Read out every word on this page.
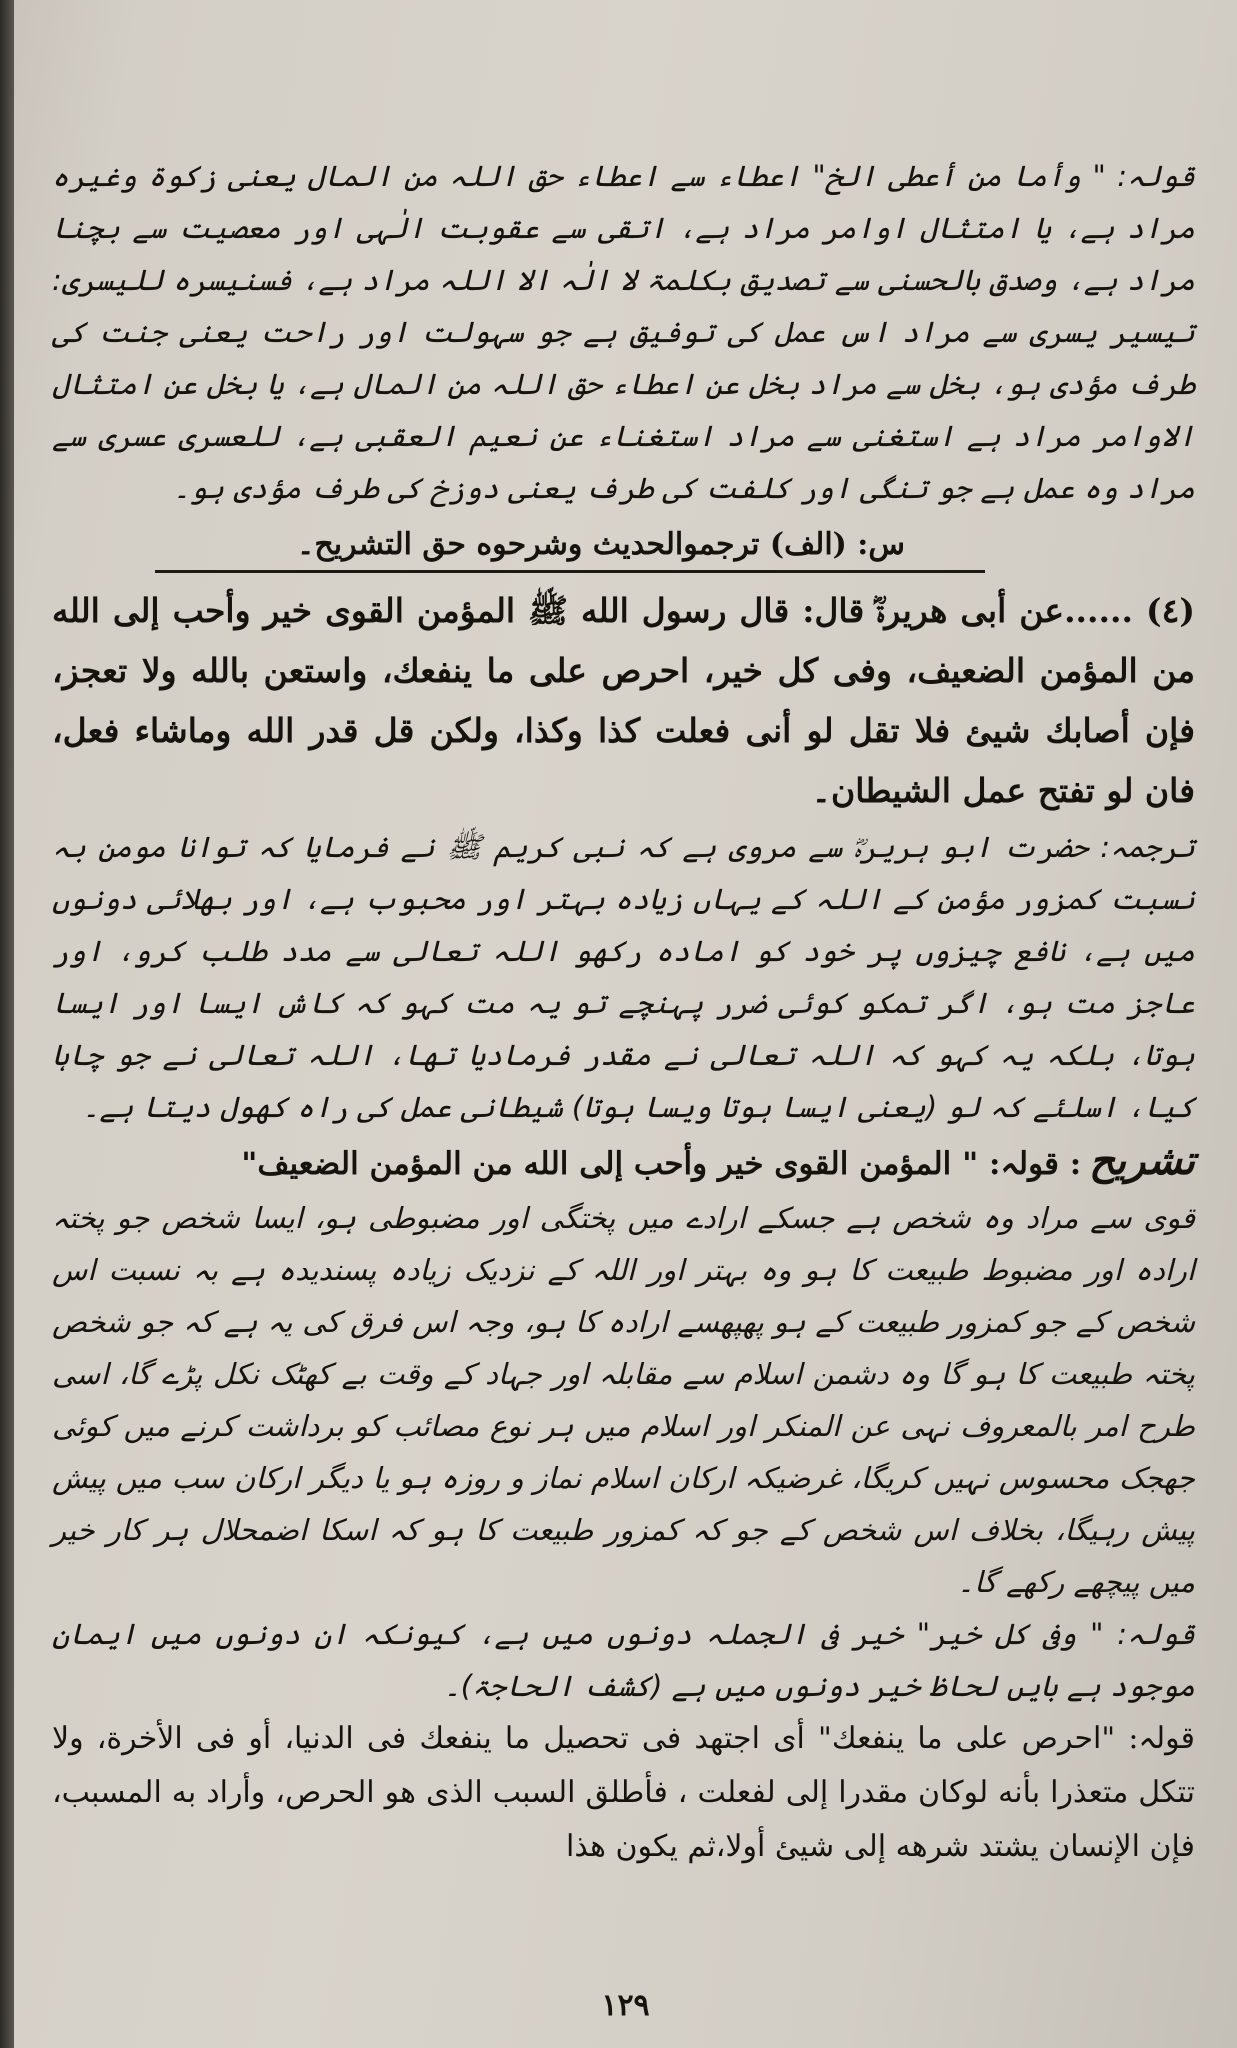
قولہ: " وأما من أعطى الخ" اعطاء سے اعطاء حق اللہ من المال یعنی زکوۃ وغیرہ مراد ہے، یا امتثال اوامر مراد ہے، اتقی سے عقوبت الٰہی اور معصیت سے بچنا مراد ہے، وصدق بالحسنی سے تصدیق بکلمۃ لا الٰہ الا اللہ مراد ہے، فسنیسرہ للیسری: تیسیر یسری سے مراد اس عمل کی توفیق ہے جو سہولت اور راحت یعنی جنت کی طرف مؤدی ہو، بخل سے مراد بخل عن اعطاء حق اللہ من المال ہے، یا بخل عن امتثال الاوامر مراد ہے استغنی سے مراد استغناء عن نعیم العقبی ہے، للعسری عسری سے مراد وہ عمل ہے جو تنگی اور کلفت کی طرف یعنی دوزخ کی طرف مؤدی ہو۔
س: (الف) ترجموالحديث وشرحوه حق التشريح۔
(٤) ......عن أبى هريرةؓ قال: قال رسول الله ﷺ المؤمن القوى خير وأحب إلى الله من المؤمن الضعيف، وفى كل خير، احرص على ما ينفعك، واستعن بالله ولا تعجز، فإن أصابك شيئ فلا تقل لو أنى فعلت كذا وكذا، ولكن قل قدر الله وماشاء فعل، فان لو تفتح عمل الشيطان۔
ترجمہ: حضرت ابو ہریرہؓ سے مروی ہے کہ نبی کریم ﷺ نے فرمایا کہ توانا مومن بہ نسبت کمزور مؤمن کے اللہ کے یہاں زیادہ بہتر اور محبوب ہے، اور بھلائی دونوں میں ہے، نافع چیزوں پر خود کو امادہ رکھو اللہ تعالی سے مدد طلب کرو، اور عاجز مت ہو، اگر تمکو کوئی ضرر پہنچے تو یہ مت کہو کہ کاش ایسا اور ایسا ہوتا، بلکہ یہ کہو کہ اللہ تعالی نے مقدر فرمادیا تھا، اللہ تعالی نے جو چاہا کیا، اسلئے کہ لو (یعنی ایسا ہوتا ویسا ہوتا) شیطانی عمل کی راہ کھول دیتا ہے۔
تشریح: قولہ: " المؤمن القوى خير وأحب إلى الله من المؤمن الضعيف"
قوی سے مراد وہ شخص ہے جسکے ارادے میں پختگی اور مضبوطی ہو، ایسا شخص جو پختہ ارادہ اور مضبوط طبیعت کا ہو وہ بہتر اور اللہ کے نزدیک زیادہ پسندیدہ ہے بہ نسبت اس شخص کے جو کمزور طبیعت کے ہو پھپھسے ارادہ کا ہو، وجہ اس فرق کی یہ ہے کہ جو شخص پختہ طبیعت کا ہو گا وہ دشمن اسلام سے مقابلہ اور جہاد کے وقت بے کھٹک نکل پڑے گا، اسی طرح امر بالمعروف نہی عن المنکر اور اسلام میں ہر نوع مصائب کو برداشت کرنے میں کوئی جھجک محسوس نہیں کریگا، غرضیکہ ارکان اسلام نماز و روزہ ہو یا دیگر ارکان سب میں پیش پیش رہیگا، بخلاف اس شخص کے جو کہ کمزور طبیعت کا ہو کہ اسکا اضمحلال ہر کار خیر میں پیچھے رکھے گا۔
قولہ: " وفى كل خير" خیر فی الجملہ دونوں میں ہے، کیونکہ ان دونوں میں ایمان موجود ہے بایں لحاظ خیر دونوں میں ہے (کشف الحاجۃ)۔
قولہ: "احرص على ما ينفعك" أى اجتهد فى تحصيل ما ينفعك فى الدنيا، أو فى الأخرة، ولا تتكل متعذرا بأنه لوكان مقدرا إلى لفعلت ، فأطلق السبب الذى هو الحرص، وأراد به المسبب، فإن الإنسان يشتد شرهه إلى شيئ أولا،ثم يكون هذا
١٢٩
